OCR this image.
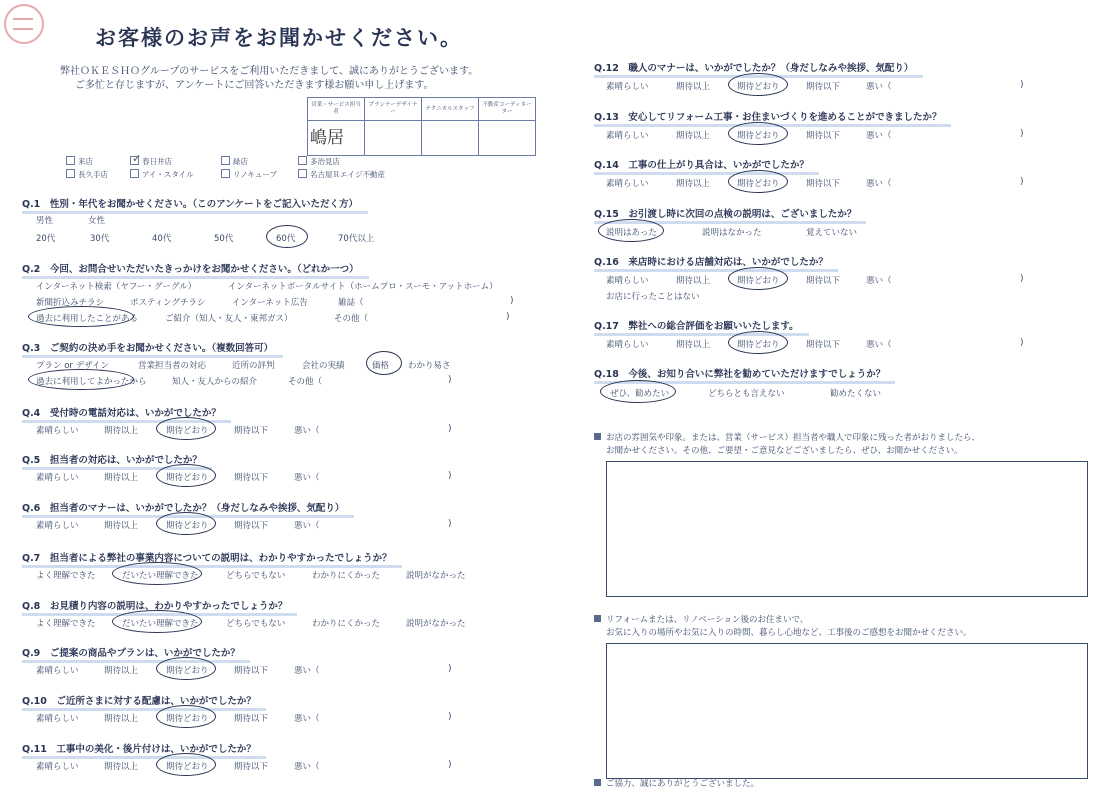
お客様のお声をお聞かせください。
弊社ＯＫＥＳＨＯグループのサービスをご利用いただきまして、誠にありがとうございます。
ご多忙と存じますが、アンケートにご回答いただきます様お願い申し上げます。
営業・サービス担当者	プランナーデザイナー	テクニカルスタッフ	不動産コーディネーター
嶋居			
来店	✓ 春日井店	緑店	多治見店
長久手店	アイ・スタイル	リノキューブ	名古屋Ｒエイジ不動産
Q.1　 性別・年代をお聞かせください。（このアンケートをご記入いただく方）
男性	女性
20代	30代	40代	50代	60代	70代以上
Q.2　 今回、お問合せいただいたきっかけをお聞かせください。（どれか一つ）
インターネット検索（ヤフー・グーグル）	インターネットポータルサイト（ホームプロ・スーモ・アットホーム）
新聞折込みチラシ	ポスティングチラシ	インターネット広告	雑誌（	)
過去に利用したことがある	ご紹介（知人・友人・東邦ガス）	その他（	)
Q.3　 ご契約の決め手をお聞かせください。（複数回答可）
プラン or デザイン	営業担当者の対応	近所の評判	会社の実績	価格 わかり易さ
過去に利用してよかったから	知人・友人からの紹介	その他（	)
Q.4　 受付時の電話対応は、いかがでしたか？
素晴らしい	期待以上	期待どおり	期待以下	悪い（	)
Q.5　 担当者の対応は、いかがでしたか？
素晴らしい	期待以上	期待どおり	期待以下	悪い（	)
Q.6　 担当者のマナーは、いかがでしたか？（身だしなみや挨拶、気配り）
素晴らしい	期待以上	期待どおり	期待以下	悪い（	)
Q.7　 担当者による弊社の事業内容についての説明は、わかりやすかったでしょうか？
よく理解できた	だいたい理解できた	どちらでもない	わかりにくかった	説明がなかった
Q.8　 お見積り内容の説明は、わかりやすかったでしょうか？
よく理解できた	だいたい理解できた	どちらでもない	わかりにくかった	説明がなかった
Q.9　 ご提案の商品やプランは、いかがでしたか？
素晴らしい	期待以上	期待どおり	期待以下	悪い（	)
Q.10　 ご近所さまに対する配慮は、いかがでしたか？
素晴らしい	期待以上	期待どおり	期待以下	悪い（	)
Q.11　 工事中の美化・後片付けは、いかがでしたか？
素晴らしい	期待以上	期待どおり	期待以下	悪い（	)
Q.12　 職人のマナーは、いかがでしたか？（身だしなみや挨拶、気配り）
素晴らしい	期待以上	期待どおり	期待以下	悪い（	)
Q.13　 安心してリフォーム工事・お住まいづくりを進めることができましたか？
素晴らしい	期待以上	期待どおり	期待以下	悪い（	)
Q.14　 工事の仕上がり具合は、いかがでしたか？
素晴らしい	期待以上	期待どおり	期待以下	悪い（	)
Q.15　 お引渡し時に次回の点検の説明は、ございましたか？
説明はあった	説明はなかった	覚えていない
Q.16　 来店時における店舗対応は、いかがでしたか？
素晴らしい	期待以上	期待どおり	期待以下	悪い（	)
お店に行ったことはない
Q.17　 弊社への総合評価をお願いいたします。
素晴らしい	期待以上	期待どおり	期待以下	悪い（	)
Q.18　 今後、お知り合いに弊社を勧めていただけますでしょうか？
ぜひ、勧めたい	どちらとも言えない	勧めたくない
お店の雰囲気や印象。または、営業（サービス）担当者や職人で印象に残った者がおりましたら、
お聞かせください。その他、ご要望・ご意見などございましたら、ぜひ、お聞かせください。
リフォームまたは、リノベーション後のお住まいで、
お気に入りの場所やお気に入りの時間、暮らし心地など、工事後のご感想をお聞かせください。
ご協力、誠にありがとうございました。
